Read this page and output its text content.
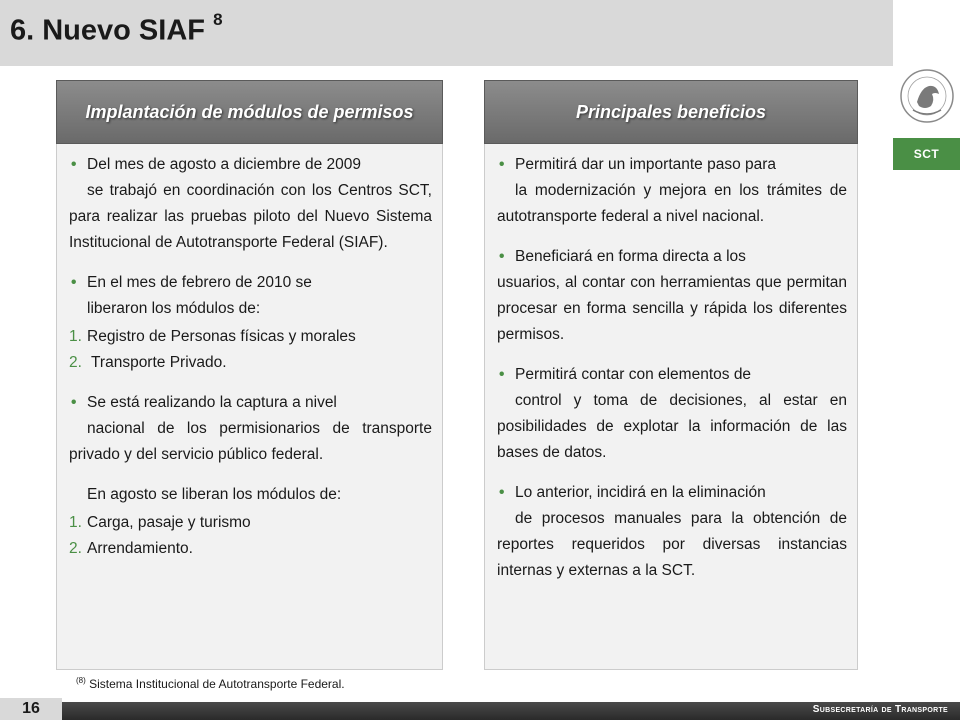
6. Nuevo SIAF $^8$
SCT
Implantación de módulos de permisos

• Del mes de agosto a diciembre de 2009
se trabajó en coordinación con los Centros SCT, para realizar las pruebas piloto del Nuevo Sistema Institucional de Autotransporte Federal (SIAF).

• En el mes de febrero de 2010 se
liberaron los módulos de:

1. Registro de Personas físicas y morales
2. Transporte Privado.

• Se está realizando la captura a nivel
nacional de los permisionarios de transporte privado y del servicio público federal.

En agosto se liberan los módulos de:

1. Carga, pasaje y turismo
2. Arrendamiento.
Principales beneficios

• Permitirá dar un importante paso para
la modernización y mejora en los trámites de autotransporte federal a nivel nacional.

• Beneficiará en forma directa a los
usuarios, al contar con herramientas que permitan procesar en forma sencilla y rápida los diferentes permisos.

• Permitirá contar con elementos de
control y toma de decisiones, al estar en posibilidades de explotar la información de las bases de datos.

• Lo anterior, incidirá en la eliminación
de procesos manuales para la obtención de reportes requeridos por diversas instancias internas y externas a la SCT.

$^{(8)}$ Sistema Institucional de Autotransporte Federal.
16	Subsecretaría de Transporte
